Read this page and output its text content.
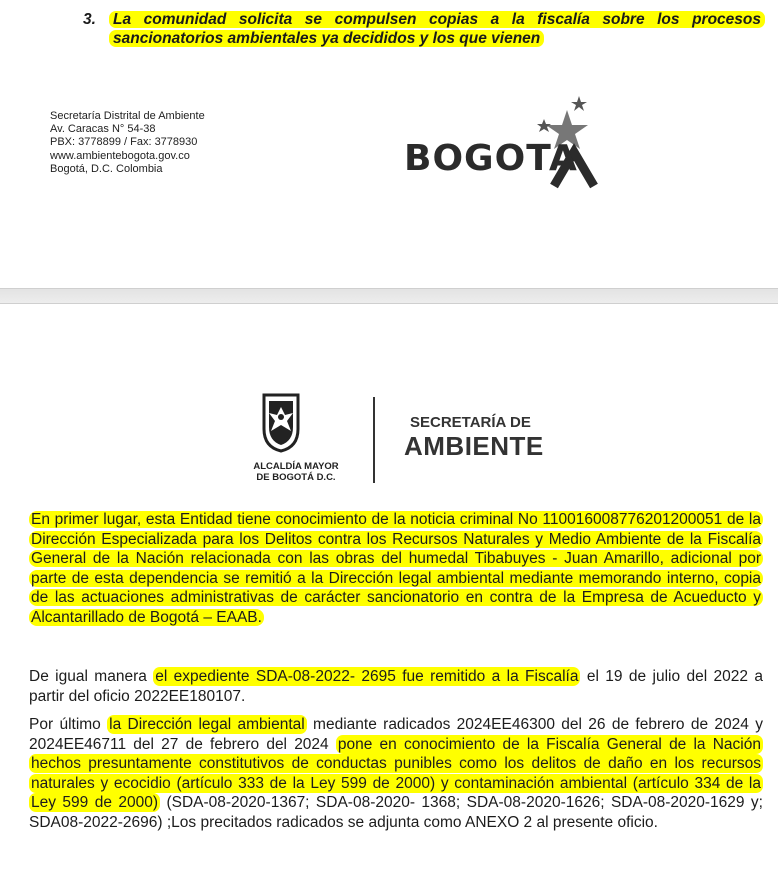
3.	La comunidad solicita se compulsen copias a la fiscalía sobre los procesos sancionatorios ambientales ya decididos y los que vienen
Secretaría Distrital de Ambiente
Av. Caracas N° 54-38
PBX: 3778899 / Fax: 3778930
www.ambientebogota.gov.co
Bogotá, D.C. Colombia	BOGOTA
ALCALDÍA MAYOR
DE BOGOTÁ D.C.
SECRETARÍA DE
AMBIENTE
En primer lugar, esta Entidad tiene conocimiento de la noticia criminal No 110016008776201200051 de la Dirección Especializada para los Delitos contra los Recursos Naturales y Medio Ambiente de la Fiscalía General de la Nación relacionada con las obras del humedal Tibabuyes - Juan Amarillo, adicional por parte de esta dependencia se remitió a la Dirección legal ambiental mediante memorando interno, copia de las actuaciones administrativas de carácter sancionatorio en contra de la Empresa de Acueducto y Alcantarillado de Bogotá – EAAB.
De igual manera el expediente SDA-08-2022- 2695 fue remitido a la Fiscalía el 19 de julio del 2022 a partir del oficio 2022EE180107.
Por último la Dirección legal ambiental mediante radicados 2024EE46300 del 26 de febrero de 2024 y 2024EE46711 del 27 de febrero del 2024 pone en conocimiento de la Fiscalía General de la Nación hechos presuntamente constitutivos de conductas punibles como los delitos de daño en los recursos naturales y ecocidio (artículo 333 de la Ley 599 de 2000) y contaminación ambiental (artículo 334 de la Ley 599 de 2000) (SDA-08-2020-1367; SDA-08-2020- 1368; SDA-08-2020-1626; SDA-08-2020-1629 y; SDA08-2022-2696) ;Los precitados radicados se adjunta como ANEXO 2 al presente oficio.
